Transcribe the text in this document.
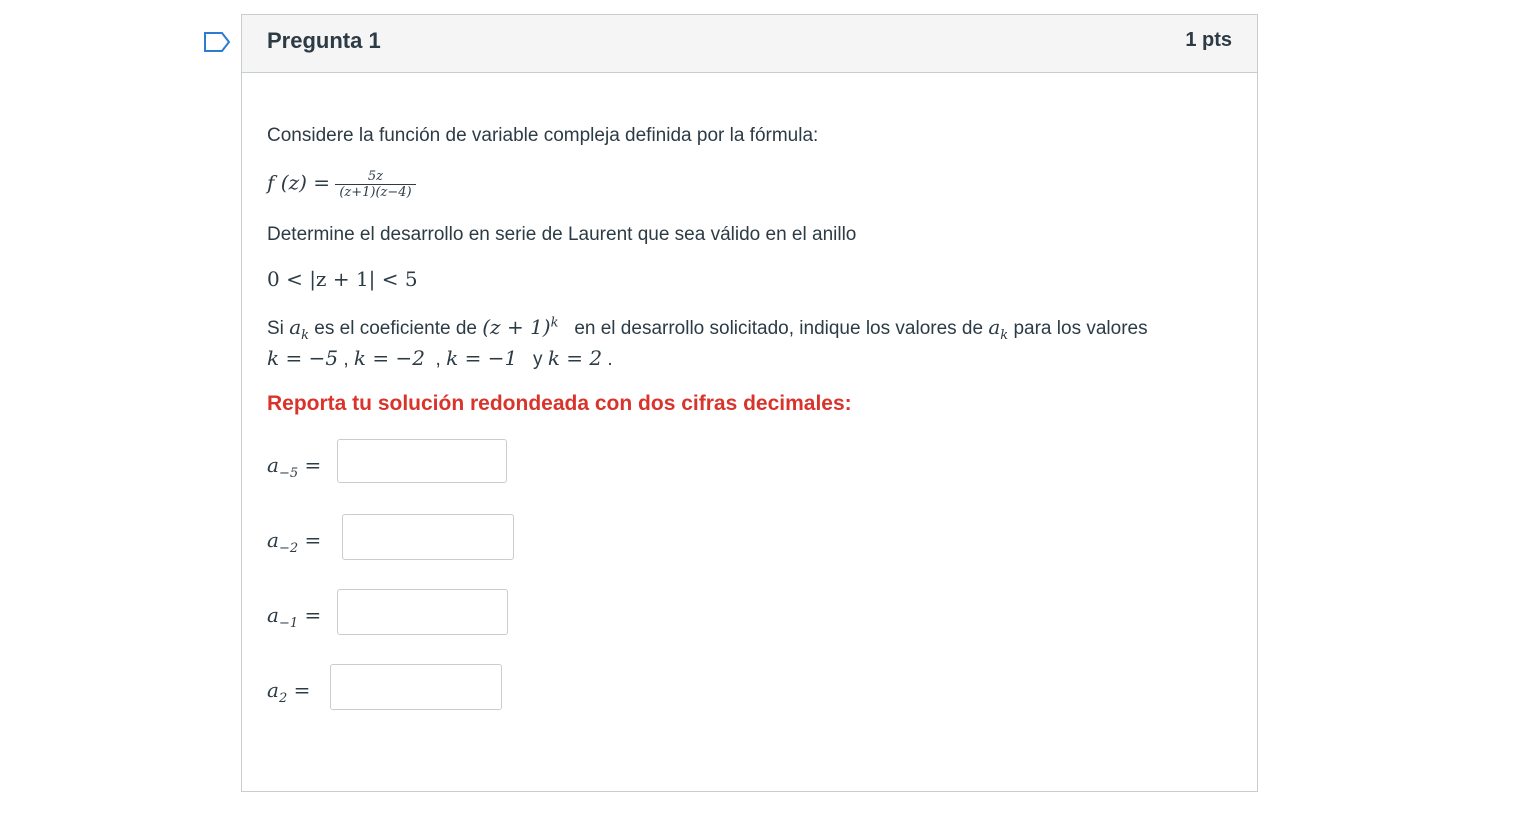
Pregunta 1	1 pts
Considere la función de variable compleja definida por la fórmula:
f $(z) = \frac{5z}{(z+1)(z-4)}$
Determine el desarrollo en serie de Laurent que sea válido en el anillo
0 < |z + 1| < 5
Si $a_k$ es el coeficiente de $(z + 1)^k$ en el desarrollo solicitado, indique los valores de $a_k$ para los valores
k = −5 , k = −2  , k = −1 y k = 2 .
Reporta tu solución redondeada con dos cifras decimales:
$a_{-5}$ =
$a_{-2}$ =
$a_{-1}$ =
$a_2$ =
